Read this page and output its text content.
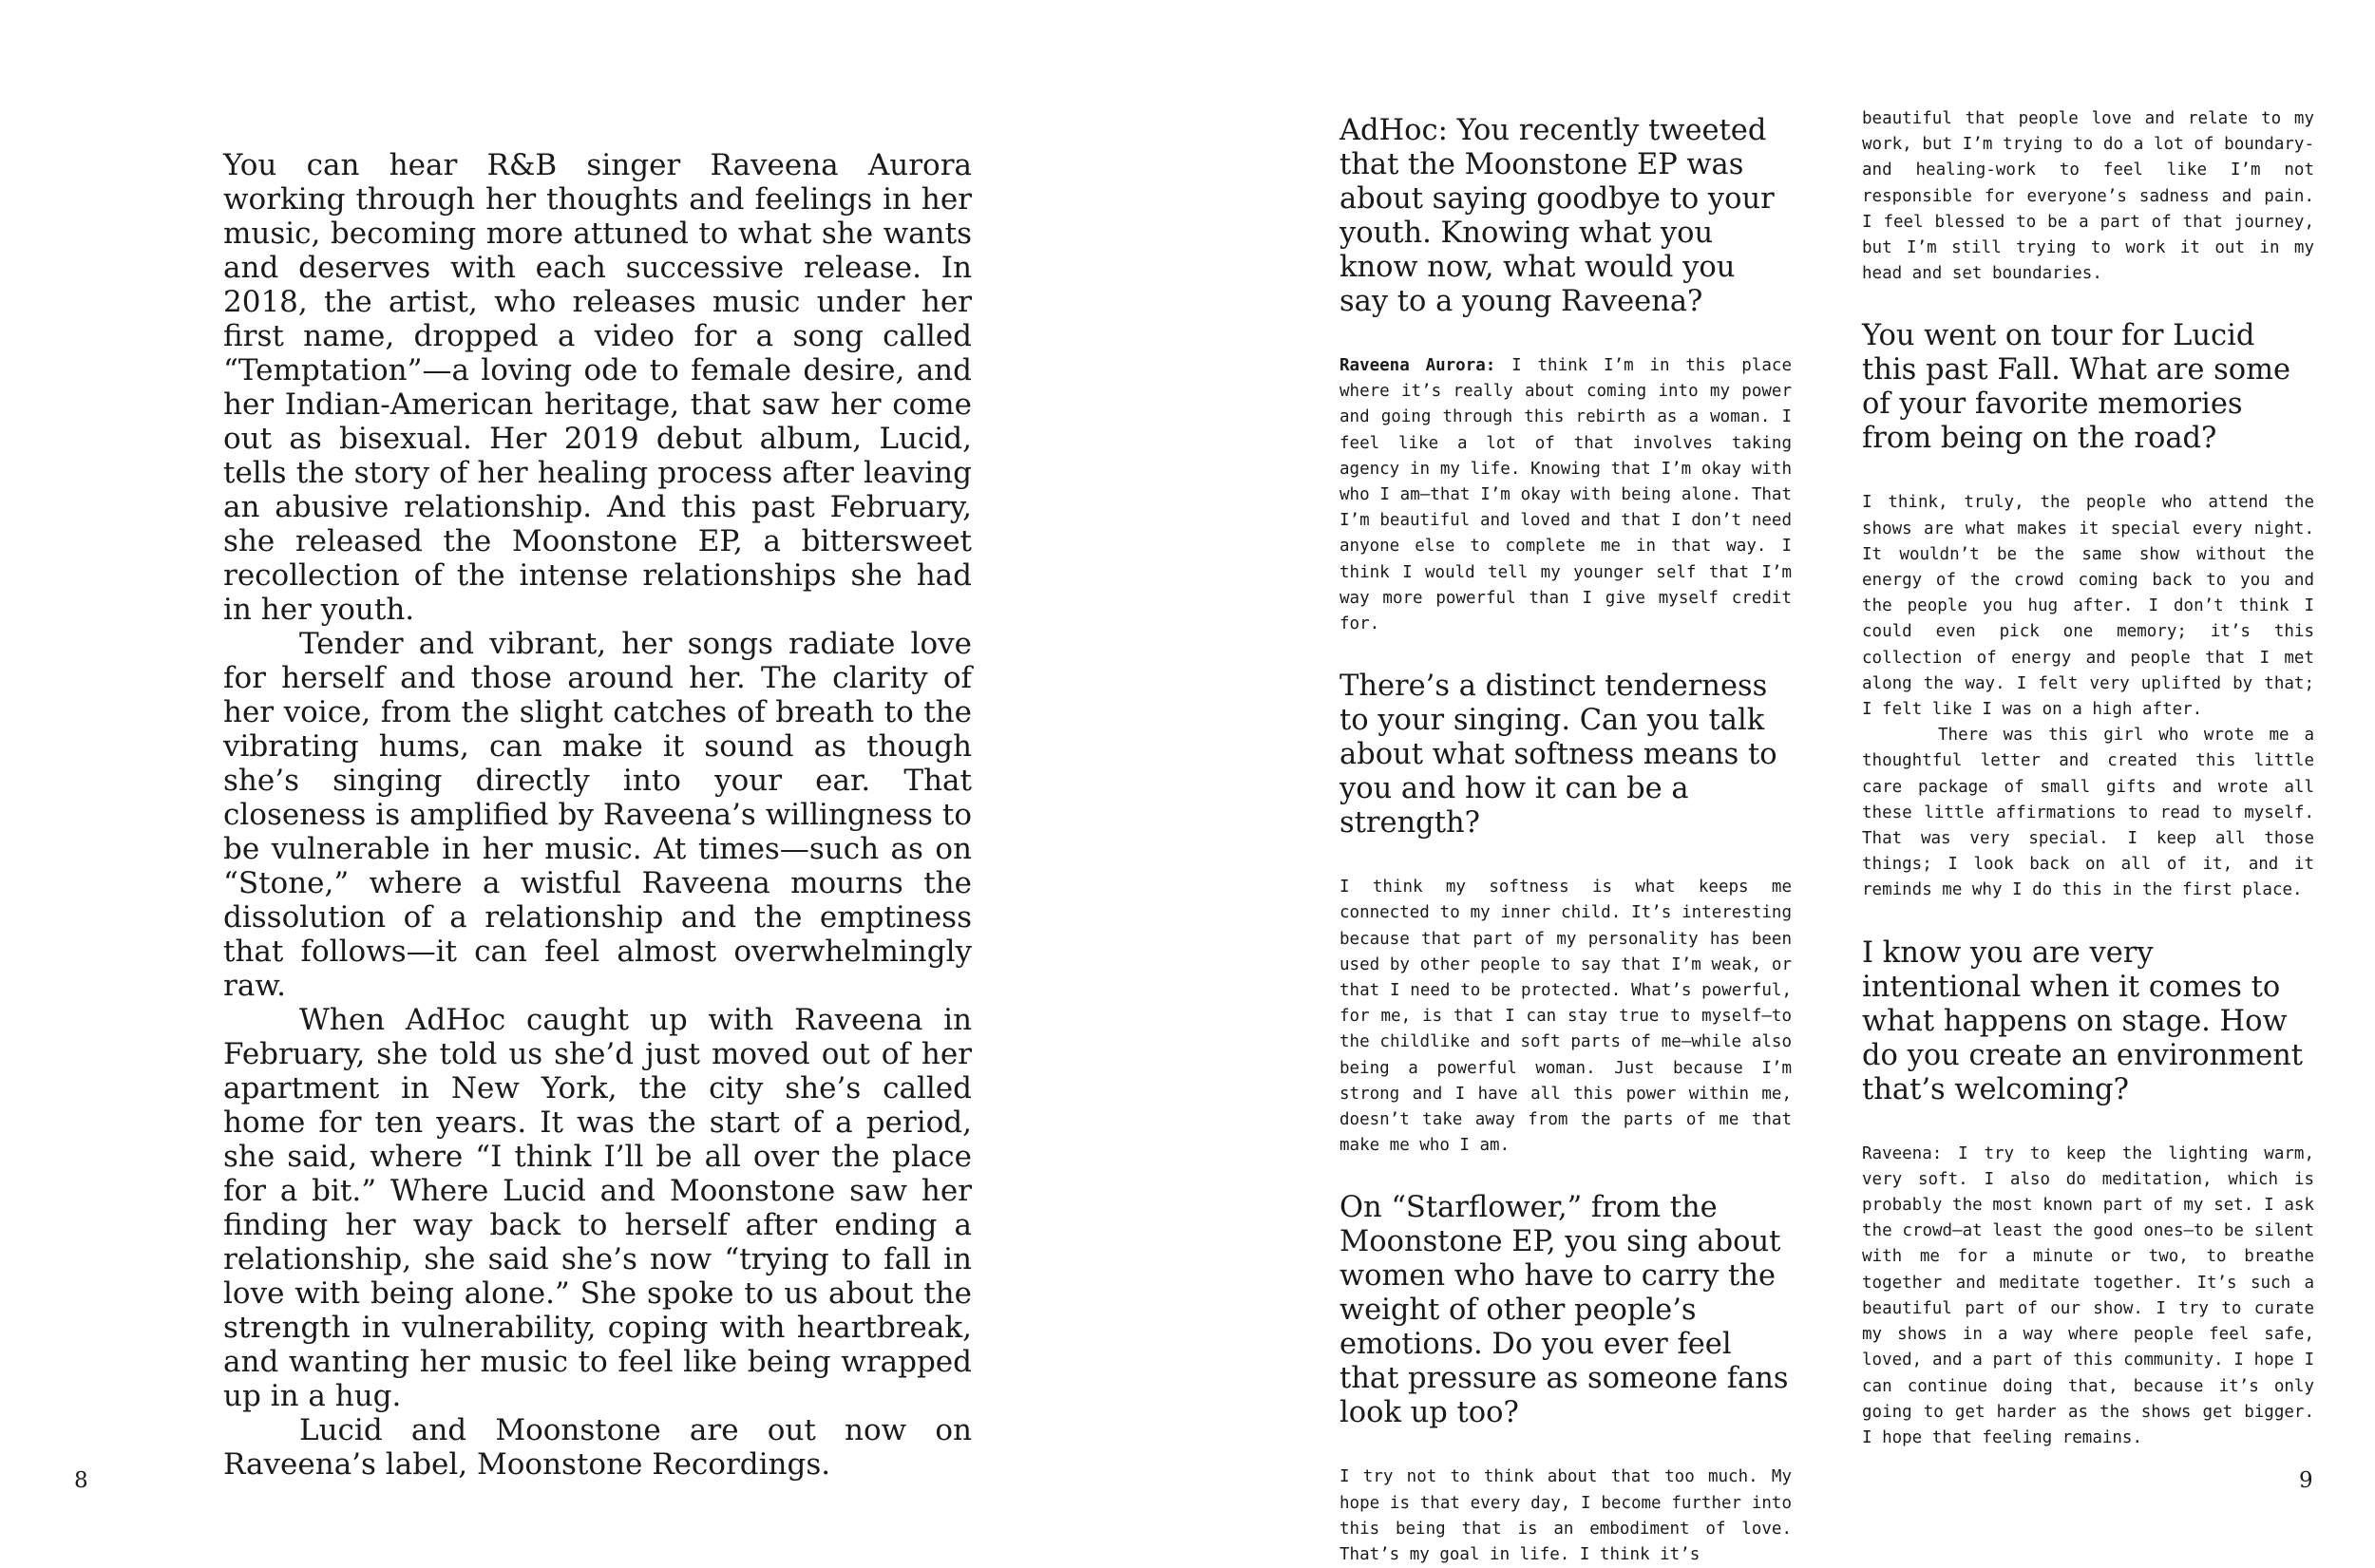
You can hear R&B singer Raveena Aurora working through her thoughts and feelings in her music, becoming more attuned to what she wants and deserves with each successive release. In 2018, the artist, who releases music under her first name, dropped a video for a song called “Temptation”—a loving ode to female desire, and her Indian-American heritage, that saw her come out as bisexual. Her 2019 debut album, Lucid, tells the story of her healing process after leaving an abusive relationship. And this past February, she released the Moonstone EP, a bittersweet recollection of the intense relationships she had in her youth.

Tender and vibrant, her songs radiate love for herself and those around her. The clarity of her voice, from the slight catches of breath to the vibrating hums, can make it sound as though she’s singing directly into your ear. That closeness is amplified by Raveena’s willingness to be vulnerable in her music. At times—such as on “Stone,” where a wistful Raveena mourns the dissolution of a relationship and the emptiness that follows—it can feel almost overwhelmingly raw.

When AdHoc caught up with Raveena in February, she told us she’d just moved out of her apartment in New York, the city she’s called home for ten years. It was the start of a period, she said, where “I think I’ll be all over the place for a bit.” Where Lucid and Moonstone saw her finding her way back to herself after ending a relationship, she said she’s now “trying to fall in love with being alone.” She spoke to us about the strength in vulnerability, coping with heartbreak, and wanting her music to feel like being wrapped up in a hug.

Lucid and Moonstone are out now on Raveena’s label, Moonstone Recordings.

AdHoc: You recently tweeted that the Moonstone EP was about saying goodbye to your youth. Knowing what you know now, what would you say to a young Raveena?

Raveena Aurora: I think I’m in this place where it’s really about coming into my power and going through this rebirth as a woman. I feel like a lot of that involves taking agency in my life. Knowing that I’m okay with who I am—that I’m okay with being alone. That I’m beautiful and loved and that I don’t need anyone else to complete me in that way. I think I would tell my younger self that I’m way more powerful than I give myself credit for.

There’s a distinct tenderness to your singing. Can you talk about what softness means to you and how it can be a strength?

I think my softness is what keeps me connected to my inner child. It’s interesting because that part of my personality has been used by other people to say that I’m weak, or that I need to be protected. What’s powerful, for me, is that I can stay true to myself—to the childlike and soft parts of me—while also being a powerful woman. Just because I’m strong and I have all this power within me, doesn’t take away from the parts of me that make me who I am.

On “Starflower,” from the Moonstone EP, you sing about women who have to carry the weight of other people’s emotions. Do you ever feel that pressure as someone fans look up too?

I try not to think about that too much. My hope is that every day, I become further into this being that is an embodiment of love. That’s my goal in life. I think it’s

beautiful that people love and relate to my work, but I’m trying to do a lot of boundary- and healing-work to feel like I’m not responsible for everyone’s sadness and pain. I feel blessed to be a part of that journey, but I’m still trying to work it out in my head and set boundaries.

You went on tour for Lucid this past Fall. What are some of your favorite memories from being on the road?

I think, truly, the people who attend the shows are what makes it special every night. It wouldn’t be the same show without the energy of the crowd coming back to you and the people you hug after. I don’t think I could even pick one memory; it’s this collection of energy and people that I met along the way. I felt very uplifted by that; I felt like I was on a high after.

There was this girl who wrote me a thoughtful letter and created this little care package of small gifts and wrote all these little affirmations to read to myself. That was very special. I keep all those things; I look back on all of it, and it reminds me why I do this in the first place.

I know you are very intentional when it comes to what happens on stage. How do you create an environment that’s welcoming?

Raveena: I try to keep the lighting warm, very soft. I also do meditation, which is probably the most known part of my set. I ask the crowd—at least the good ones—to be silent with me for a minute or two, to breathe together and meditate together. It’s such a beautiful part of our show. I try to curate my shows in a way where people feel safe, loved, and a part of this community. I hope I can continue doing that, because it’s only going to get harder as the shows get bigger. I hope that feeling remains.

8	9
